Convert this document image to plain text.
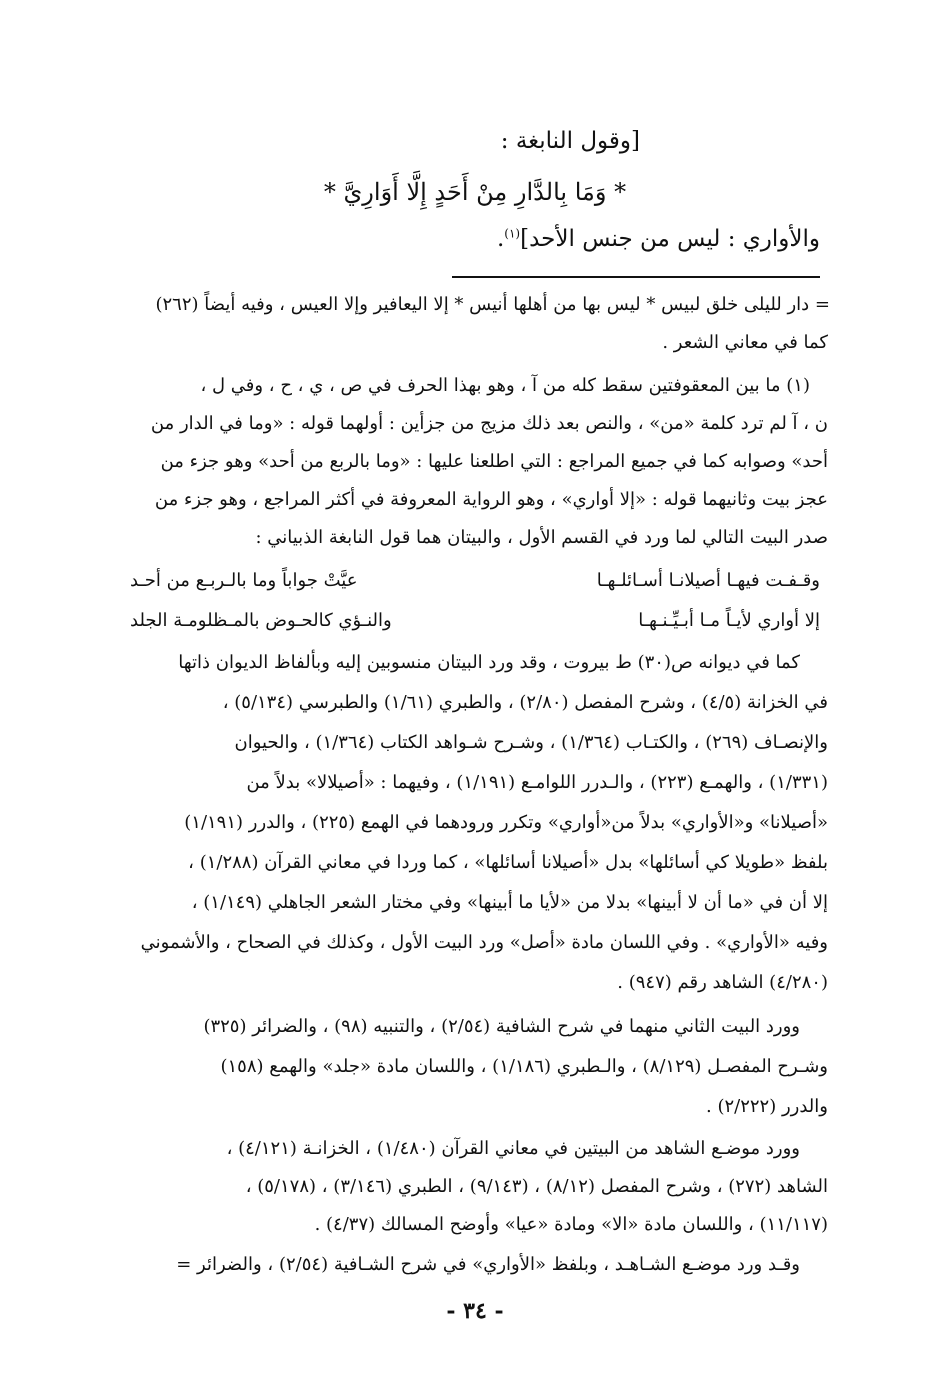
[وقول النابغة :
* وَمَا بِالدَّارِ مِنْ أَحَدٍ إِلَّا أَوَارِيَّ *
والأواري : ليس من جنس الأحد]$^{(١)}$.
= دار لليلى خلق لبيس * ليس بها من أهلها أنيس * إلا اليعافير وإلا العيس ، وفيه أيضاً (٢٦٢)
كما في معاني الشعر .
(١) ما بين المعقوفتين سقط كله من آ ، وهو بهذا الحرف في ص ، ي ، ح ، وفي ل ،
ن ، آ لم ترد كلمة «من» ، والنص بعد ذلك مزيج من جزأين : أولهما قوله : «وما في الدار من
أحد» وصوابه كما في جميع المراجع : التي اطلعنا عليها : «وما بالربع من أحد» وهو جزء من
عجز بيت وثانيهما قوله : «إلا أواري» ، وهو الرواية المعروفة في أكثر المراجع ، وهو جزء من
صدر البيت التالي لما ورد في القسم الأول ، والبيتان هما قول النابغة الذبياني :
وقـفـت فيهـا أصيلانـا أسـائلـهـا
عيَّتْ جواباً وما بالـربـع من أحـد
إلا أواري لأيـاً مـا أبـيِّـنـهـا
والنـؤي كالحـوض بالمـظلومـة الجلد
كما في ديوانه ص(٣٠) ط بيروت ، وقد ورد البيتان منسوبين إليه وبألفاظ الديوان ذاتها
في الخزانة (٤/٥) ، وشرح المفصل (٢/٨٠) ، والطبري (١/٦١) والطبرسي (٥/١٣٤) ،
والإنصـاف (٢٦٩) ، والكتـاب (١/٣٦٤) ، وشـرح شـواهد الكتاب (١/٣٦٤) ، والحيوان
(١/٣٣١) ، والهمـع (٢٢٣) ، والـدرر اللوامـع (١/١٩١) ، وفيهما : «أصيلالا» بدلاً من
«أصيلانا» و«الأواري» بدلاً من«أواري» وتكرر ورودهما في الهمع (٢٢٥) ، والدرر (١/١٩١)
بلفظ «طويلا كي أسائلها» بدل «أصيلانا أسائلها» ، كما وردا في معاني القرآن (١/٢٨٨) ،
إلا أن في «ما أن لا أبينها» بدلا من «لأيا ما أبينها» وفي مختار الشعر الجاهلي (١/١٤٩) ،
وفيه «الأواري» . وفي اللسان مادة «أصل» ورد البيت الأول ، وكذلك في الصحاح ، والأشموني
(٤/٢٨٠) الشاهد رقم (٩٤٧) .
وورد البيت الثاني منهما في شرح الشافية (٢/٥٤) ، والتنبيه (٩٨) ، والضرائر (٣٢٥)
وشـرح المفصـل (٨/١٢٩) ، والـطبري (١/١٨٦) ، واللسان مادة «جلد» والهمع (١٥٨)
والدرر (٢/٢٢٢) .
وورد موضـع الشاهد من البيتين في معاني القرآن (١/٤٨٠) ، الخزانـة (٤/١٢١) ،
الشاهد (٢٧٢) ، وشرح المفصل (٨/١٢) ، (٩/١٤٣) ، الطبري (٣/١٤٦) ، (٥/١٧٨) ،
(١١/١١٧) ، واللسان مادة «الا» ومادة «عيا» وأوضح المسالك (٤/٣٧) .
وقـد ورد موضـع الشـاهـد ، وبلفظ «الأواري» في شرح الشـافية (٢/٥٤) ، والضرائر =
- ٣٤ -
